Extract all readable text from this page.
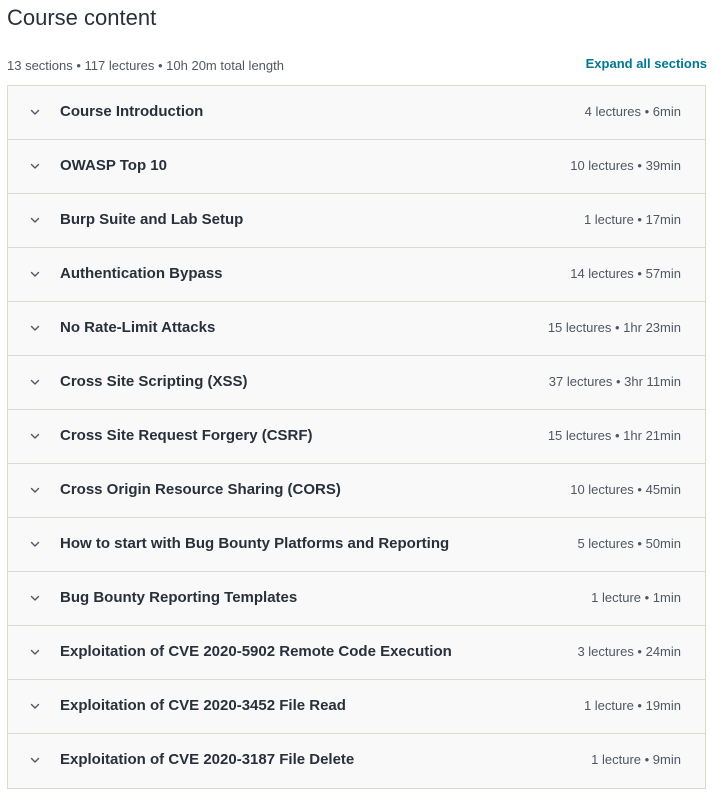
Course content
13 sections • 117 lectures • 10h 20m total length	Expand all sections
Course Introduction	4 lectures • 6min
OWASP Top 10	10 lectures • 39min
Burp Suite and Lab Setup	1 lecture • 17min
Authentication Bypass	14 lectures • 57min
No Rate-Limit Attacks	15 lectures • 1hr 23min
Cross Site Scripting (XSS)	37 lectures • 3hr 11min
Cross Site Request Forgery (CSRF)	15 lectures • 1hr 21min
Cross Origin Resource Sharing (CORS)	10 lectures • 45min
How to start with Bug Bounty Platforms and Reporting	5 lectures • 50min
Bug Bounty Reporting Templates	1 lecture • 1min
Exploitation of CVE 2020-5902 Remote Code Execution	3 lectures • 24min
Exploitation of CVE 2020-3452 File Read	1 lecture • 19min
Exploitation of CVE 2020-3187 File Delete	1 lecture • 9min
